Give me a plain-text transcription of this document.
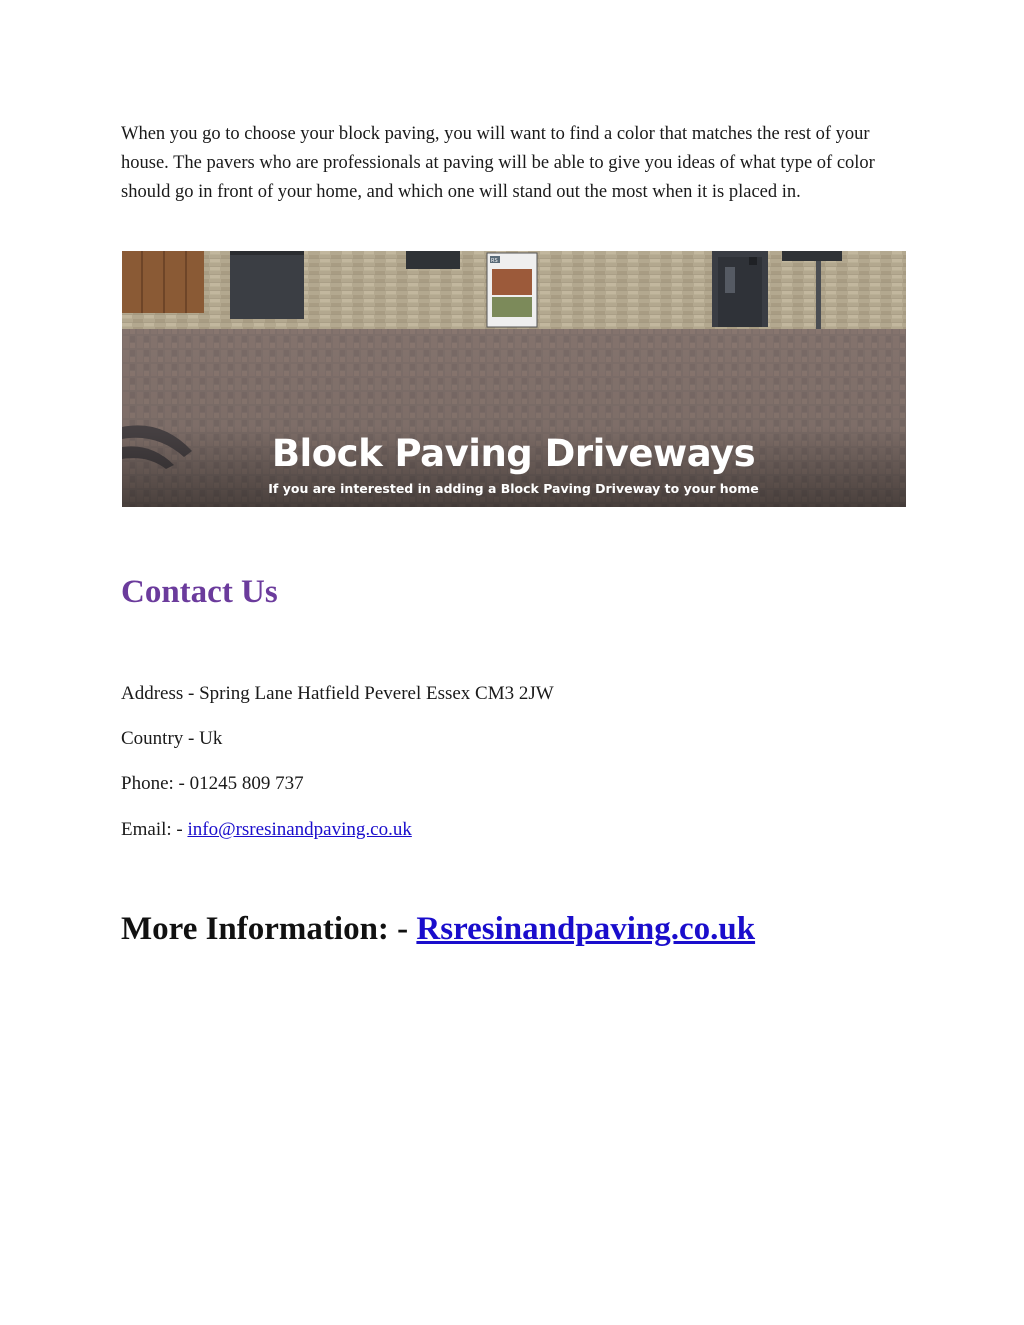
When you go to choose your block paving, you will want to find a color that matches the rest of your house. The pavers who are professionals at paving will be able to give you ideas of what type of color should go in front of your home, and which one will stand out the most when it is placed in.

RS
Block Paving Driveways
If you are interested in adding a Block Paving Driveway to your home
Contact Us

Address - Spring Lane Hatfield Peverel Essex CM3 2JW

Country - Uk

Phone: - 01245 809 737

Email: - info@rsresinandpaving.co.uk

More Information: - Rsresinandpaving.co.uk
